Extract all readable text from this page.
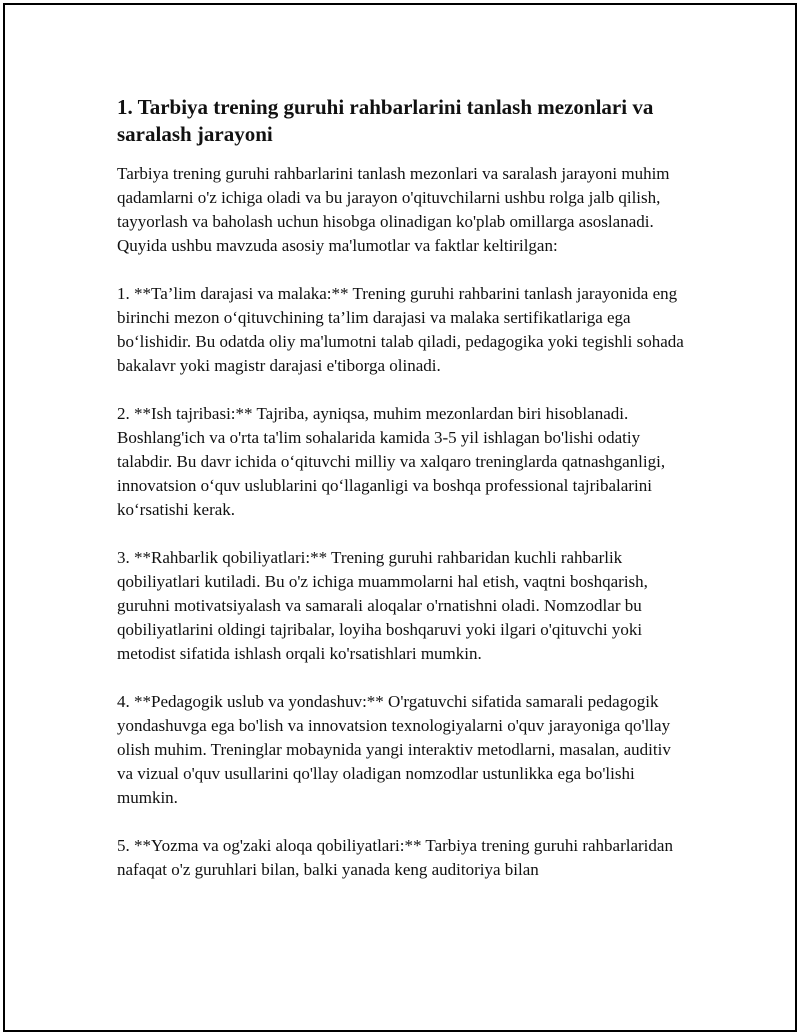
1. Tarbiya trening guruhi rahbarlarini tanlash mezonlari va saralash jarayoni

Tarbiya trening guruhi rahbarlarini tanlash mezonlari va saralash jarayoni muhim qadamlarni o'z ichiga oladi va bu jarayon o'qituvchilarni ushbu rolga jalb qilish, tayyorlash va baholash uchun hisobga olinadigan ko'plab omillarga asoslanadi. Quyida ushbu mavzuda asosiy ma'lumotlar va faktlar keltirilgan:

1. **Ta’lim darajasi va malaka:** Trening guruhi rahbarini tanlash jarayonida eng birinchi mezon o‘qituvchining ta’lim darajasi va malaka sertifikatlariga ega bo‘lishidir. Bu odatda oliy ma'lumotni talab qiladi, pedagogika yoki tegishli sohada bakalavr yoki magistr darajasi e'tiborga olinadi.

2. **Ish tajribasi:** Tajriba, ayniqsa, muhim mezonlardan biri hisoblanadi. Boshlang'ich va o'rta ta'lim sohalarida kamida 3-5 yil ishlagan bo'lishi odatiy talabdir. Bu davr ichida o‘qituvchi milliy va xalqaro treninglarda qatnashganligi, innovatsion o‘quv uslublarini qo‘llaganligi va boshqa professional tajribalarini ko‘rsatishi kerak.

3. **Rahbarlik qobiliyatlari:** Trening guruhi rahbaridan kuchli rahbarlik qobiliyatlari kutiladi. Bu o'z ichiga muammolarni hal etish, vaqtni boshqarish, guruhni motivatsiyalash va samarali aloqalar o'rnatishni oladi. Nomzodlar bu qobiliyatlarini oldingi tajribalar, loyiha boshqaruvi yoki ilgari o'qituvchi yoki metodist sifatida ishlash orqali ko'rsatishlari mumkin.

4. **Pedagogik uslub va yondashuv:** O'rgatuvchi sifatida samarali pedagogik yondashuvga ega bo'lish va innovatsion texnologiyalarni o'quv jarayoniga qo'llay olish muhim. Treninglar mobaynida yangi interaktiv metodlarni, masalan, auditiv va vizual o'quv usullarini qo'llay oladigan nomzodlar ustunlikka ega bo'lishi mumkin.

5. **Yozma va og'zaki aloqa qobiliyatlari:** Tarbiya trening guruhi rahbarlaridan nafaqat o'z guruhlari bilan, balki yanada keng auditoriya bilan
